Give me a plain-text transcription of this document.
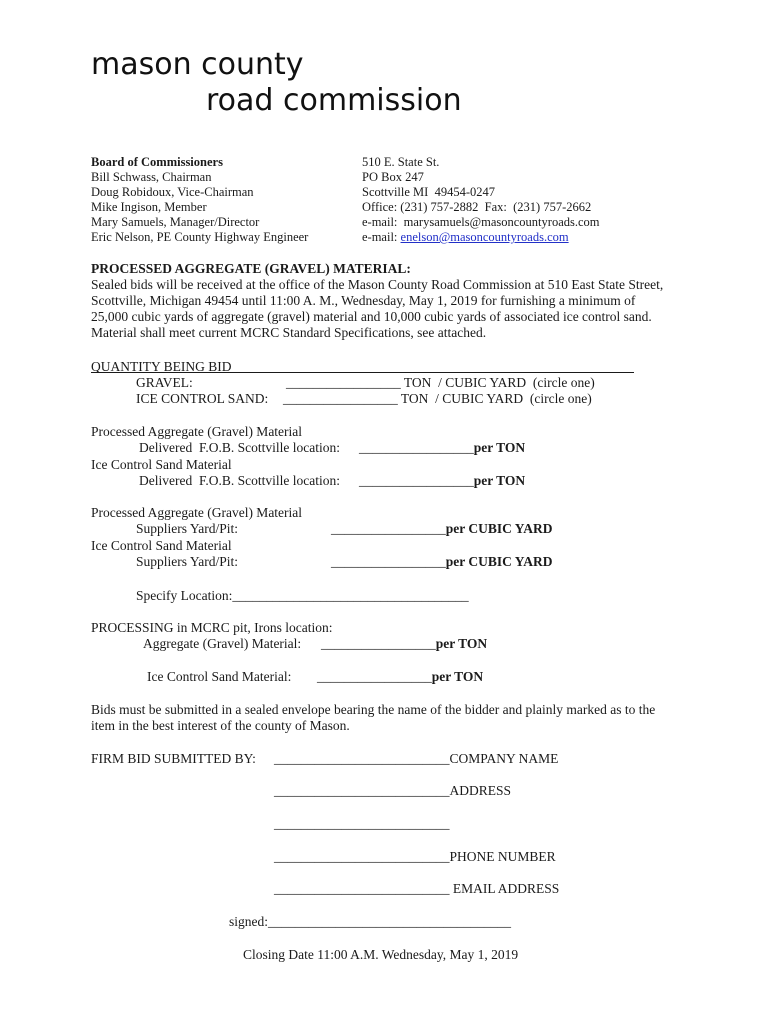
mason county
road commission
Board of Commissioners
Bill Schwass, Chairman
Doug Robidoux, Vice-Chairman
Mike Ingison, Member
Mary Samuels, Manager/Director
Eric Nelson, PE County Highway Engineer
510 E. State St.
PO Box 247
Scottville MI  49454-0247
Office: (231) 757-2882  Fax:  (231) 757-2662
e-mail:  marysamuels@masoncountyroads.com
e-mail: enelson@masoncountyroads.com
PROCESSED AGGREGATE (GRAVEL) MATERIAL:
Sealed bids will be received at the office of the Mason County Road Commission at 510 East State Street,
Scottville, Michigan 49454 until 11:00 A. M., Wednesday, May 1, 2019 for furnishing a minimum of
25,000 cubic yards of aggregate (gravel) material and 10,000 cubic yards of associated ice control sand.
Material shall meet current MCRC Standard Specifications, see attached.
QUANTITY BEING BID
GRAVEL:	_________________ TON  / CUBIC YARD  (circle one)
ICE CONTROL SAND: _________________ TON  / CUBIC YARD  (circle one)
Processed Aggregate (Gravel) Material
Delivered  F.O.B. Scottville location: _________________per TON
Ice Control Sand Material
Delivered  F.O.B. Scottville location: _________________per TON
Processed Aggregate (Gravel) Material
Suppliers Yard/Pit:	_________________per CUBIC YARD
Ice Control Sand Material
Suppliers Yard/Pit:	_________________per CUBIC YARD
Specify Location:___________________________________
PROCESSING in MCRC pit, Irons location:
Aggregate (Gravel) Material: _________________per TON
Ice Control Sand Material: _________________per TON
Bids must be submitted in a sealed envelope bearing the name of the bidder and plainly marked as to the
item in the best interest of the county of Mason.
FIRM BID SUBMITTED BY: __________________________COMPANY NAME
__________________________ADDRESS
__________________________
__________________________PHONE NUMBER
__________________________ EMAIL ADDRESS
signed:____________________________________
Closing Date 11:00 A.M. Wednesday, May 1, 2019
